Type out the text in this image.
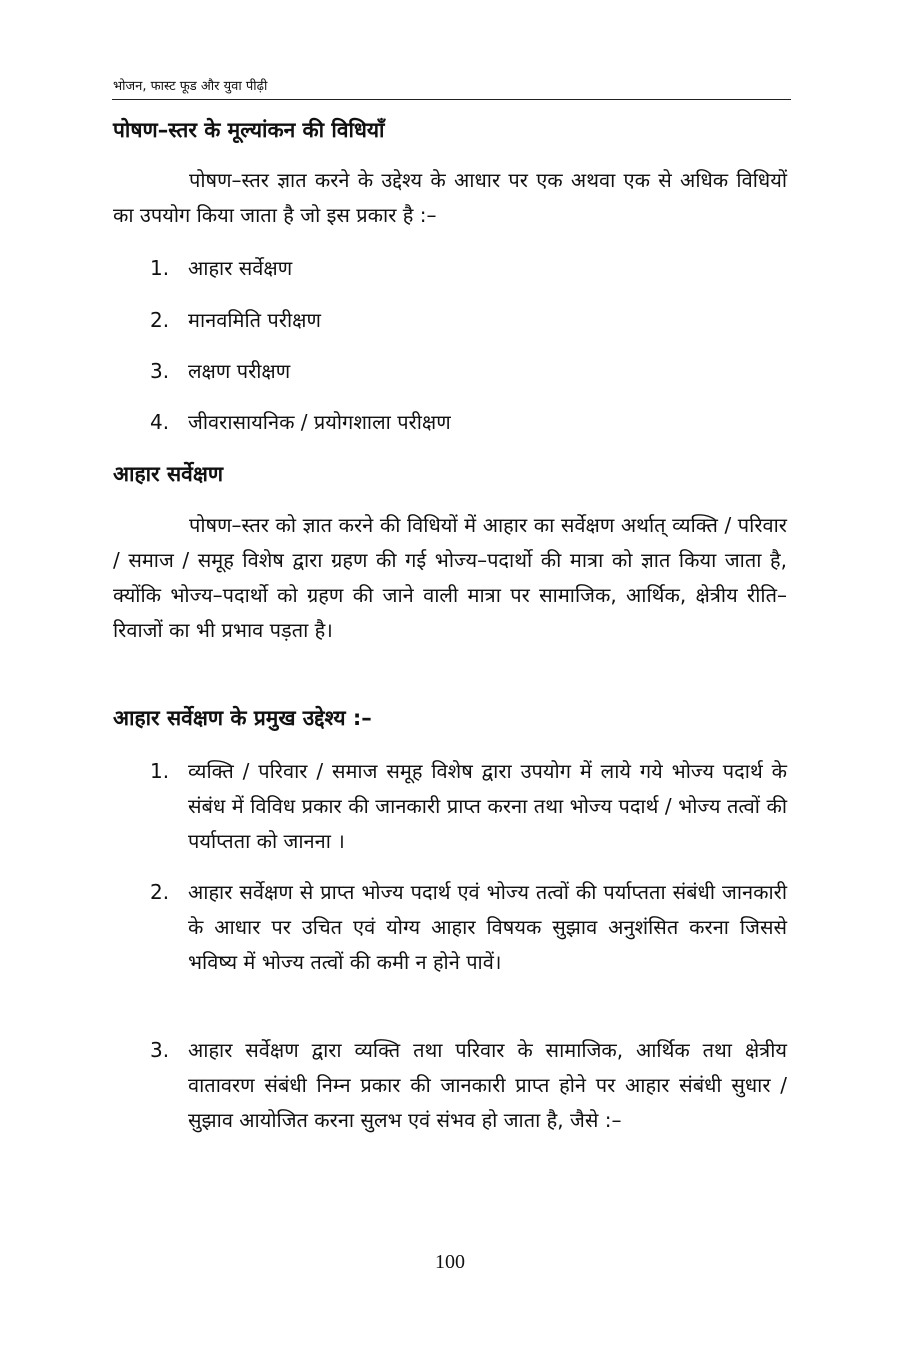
भोजन, फास्ट फूड और युवा पीढ़ी
पोषण–स्तर के मूल्यांकन की विधियाँ

पोषण–स्तर ज्ञात करने के उद्देश्य के आधार पर एक अथवा एक से अधिक विधियों का उपयोग किया जाता है जो इस प्रकार है :–

1. आहार सर्वेक्षण
2. मानवमिति परीक्षण
3. लक्षण परीक्षण
4. जीवरासायनिक / प्रयोगशाला परीक्षण
आहार सर्वेक्षण

पोषण–स्तर को ज्ञात करने की विधियों में आहार का सर्वेक्षण अर्थात् व्यक्ति / परिवार / समाज / समूह विशेष द्वारा ग्रहण की गई भोज्य–पदार्थो की मात्रा को ज्ञात किया जाता है, क्योंकि भोज्य–पदार्थो को ग्रहण की जाने वाली मात्रा पर सामाजिक, आर्थिक, क्षेत्रीय रीति–रिवाजों का भी प्रभाव पड़ता है।

आहार सर्वेक्षण के प्रमुख उद्देश्य :–
1. व्यक्ति / परिवार / समाज समूह विशेष द्वारा उपयोग में लाये गये भोज्य पदार्थ के संबंध में विविध प्रकार की जानकारी प्राप्त करना तथा भोज्य पदार्थ / भोज्य तत्वों की पर्याप्तता को जानना ।
2. आहार सर्वेक्षण से प्राप्त भोज्य पदार्थ एवं भोज्य तत्वों की पर्याप्तता संबंधी जानकारी के आधार पर उचित एवं योग्य आहार विषयक सुझाव अनुशंसित करना जिससे भविष्य में भोज्य तत्वों की कमी न होने पावें।
3. आहार सर्वेक्षण द्वारा व्यक्ति तथा परिवार के सामाजिक, आर्थिक तथा क्षेत्रीय वातावरण संबंधी निम्न प्रकार की जानकारी प्राप्त होने पर आहार संबंधी सुधार / सुझाव आयोजित करना सुलभ एवं संभव हो जाता है, जैसे :–
100
